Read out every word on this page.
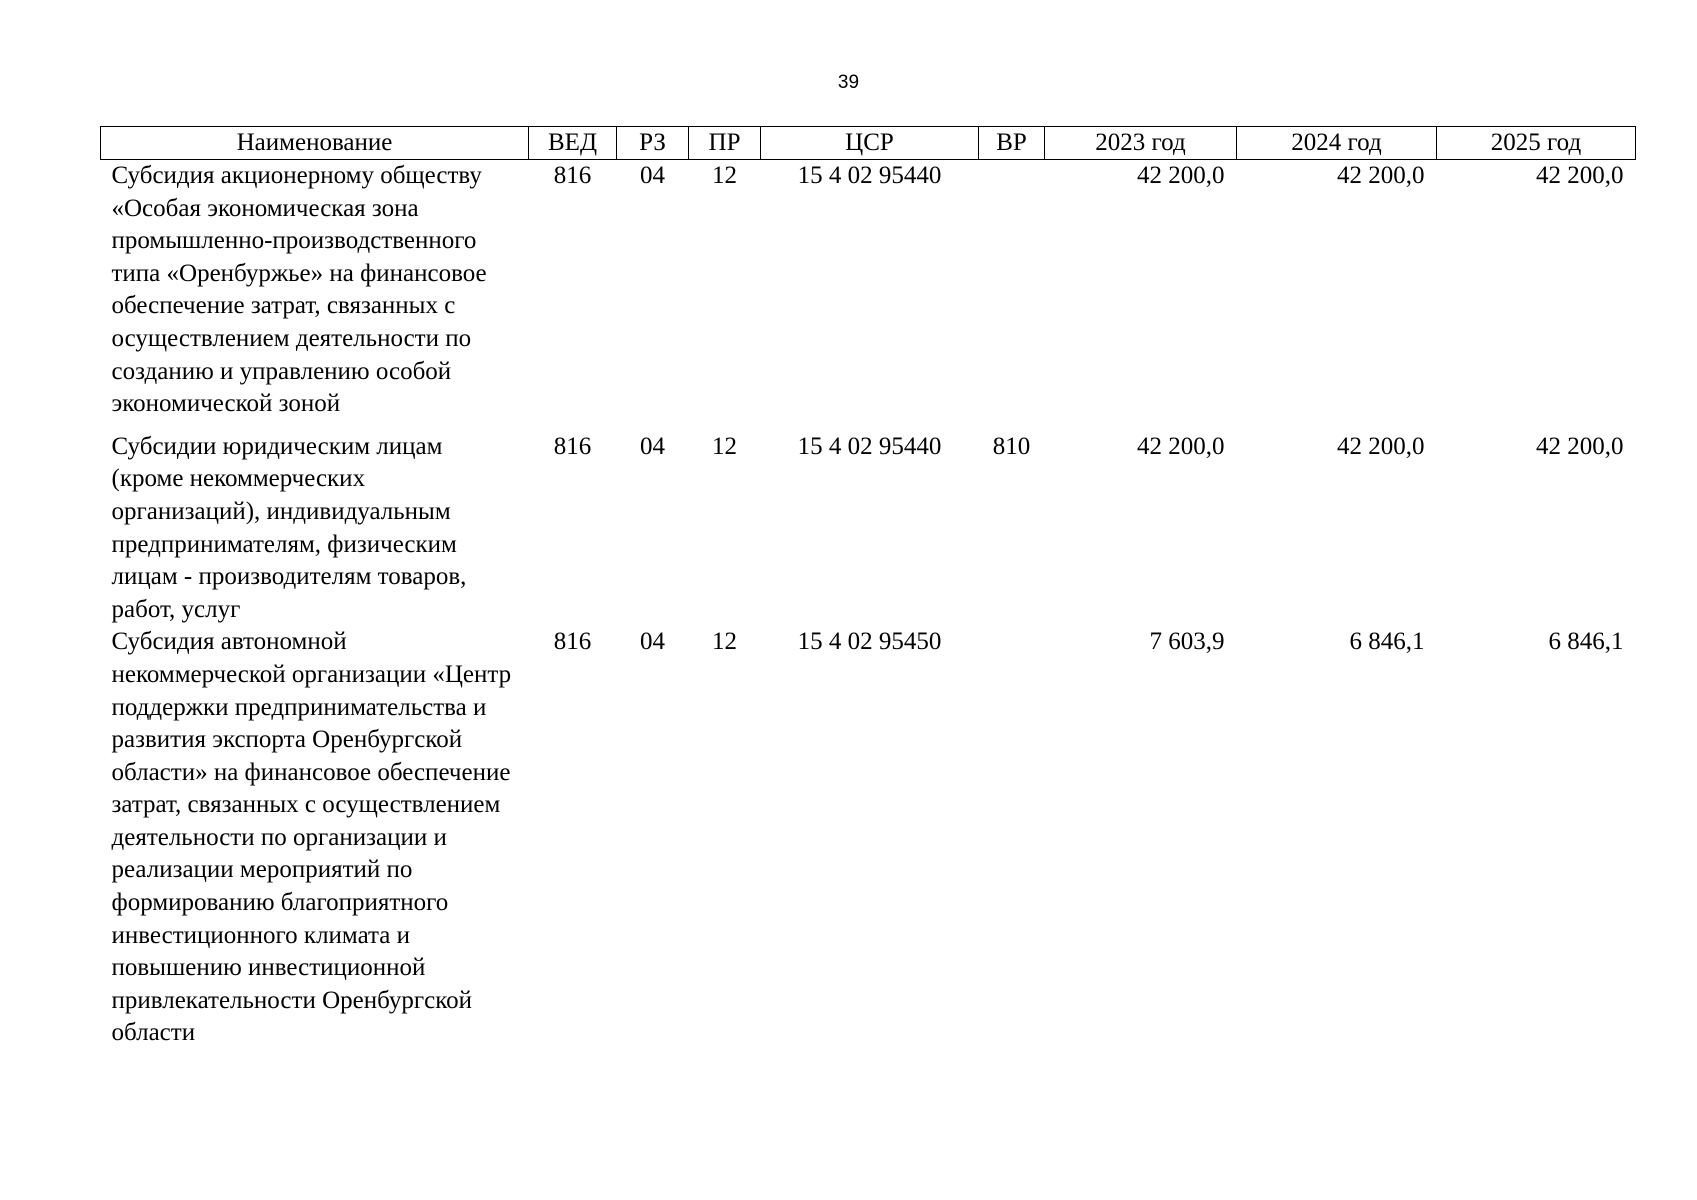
39
Наименование	ВЕД	РЗ	ПР	ЦСР	ВР	2023 год	2024 год	2025 год
Субсидия акционерному обществу «Особая экономическая зона промышленно-производственного типа «Оренбуржье» на финансовое обеспечение затрат, связанных с осуществлением деятельности по созданию и управлению особой экономической зоной	816	04	12	15 4 02 95440		42 200,0	42 200,0	42 200,0
Субсидии юридическим лицам (кроме некоммерческих организаций), индивидуальным предпринимателям, физическим лицам - производителям товаров, работ, услуг	816	04	12	15 4 02 95440	810	42 200,0	42 200,0	42 200,0
Субсидия автономной некоммерческой организации «Центр поддержки предпринимательства и развития экспорта Оренбургской области» на финансовое обеспечение затрат, связанных с осуществлением деятельности по организации и реализации мероприятий по формированию благоприятного инвестиционного климата и повышению инвестиционной привлекательности Оренбургской области	816	04	12	15 4 02 95450		7 603,9	6 846,1	6 846,1
